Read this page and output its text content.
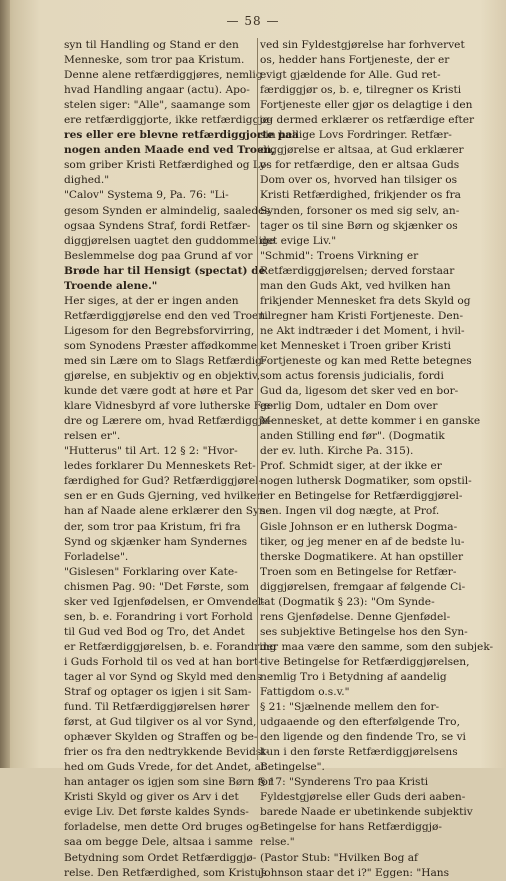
— 58 —
syn til Handling og Stand er den
Menneske, som tror paa Kristum.
Denne alene retfærdiggjøres, nemlig
hvad Handling angaar (actu). Apo-
stelen siger: "Alle", saamange som
ere retfærdiggjorte, ikke retfærdiggjø-
res eller ere blevne retfærdiggjorte paa
nogen anden Maade end ved Troen,
som griber Kristi Retfærdighed og Ly-
dighed."
"Calov" Systema 9, Pa. 76: "Li-
gesom Synden er almindelig, saaledes
ogsaa Syndens Straf, fordi Retfær-
diggjørelsen uagtet den guddommelige
Beslemmelse dog paa Grund af vor
Brøde har til Hensigt (spectat) de
Troende alene."
Her siges, at der er ingen anden
Retfærdiggjørelse end den ved Troen.
Ligesom for den Begrebsforvirring,
som Synodens Præster affødkomme
med sin Lære om to Slags Retfærdig-
gjørelse, en subjektiv og en objektiv,
kunde det være godt at høre et Par
klare Vidnesbyrd af vore lutherske Fæ-
dre og Lærere om, hvad Retfærdiggjø-
relsen er".
"Hutterus" til Art. 12 § 2: "Hvor-
ledes forklarer Du Menneskets Ret-
færdighed for Gud? Retfærdiggjørel-
sen er en Guds Gjerning, ved hvilken
han af Naade alene erklærer den Syn-
der, som tror paa Kristum, fri fra
Synd og skjænker ham Syndernes
Forladelse".
"Gislesen" Forklaring over Kate-
chismen Pag. 90: "Det Første, som
sker ved Igjenfødelsen, er Omvendel-
sen, b. e. Forandring i vort Forhold
til Gud ved Bod og Tro, det Andet
er Retfærdiggjørelsen, b. e. Forandring
i Guds Forhold til os ved at han bort-
tager al vor Synd og Skyld med dens
Straf og optager os igjen i sit Sam-
fund. Til Retfærdiggjørelsen hører
først, at Gud tilgiver os al vor Synd,
ophæver Skylden og Straffen og be-
frier os fra den nedtrykkende Bevidst-
hed om Guds Vrede, for det Andet, at
han antager os igjen som sine Børn for
Kristi Skyld og giver os Arv i det
evige Liv. Det første kaldes Synds-
forladelse, men dette Ord bruges og-
saa om begge Dele, altsaa i samme
Betydning som Ordet Retfærdiggjø-
relse. Den Retfærdighed, som Kristus
ved sin Fyldestgjørelse har forhvervet
os, hedder hans Fortjeneste, der er
evigt gjældende for Alle. Gud ret-
færdiggjør os, b. e, tilregner os Kristi
Fortjeneste eller gjør os delagtige i den
og dermed erklærer os retfærdige efter
sin hellige Lovs Fordringer. Retfær-
diggjørelse er altsaa, at Gud erklærer
os for retfærdige, den er altsaa Guds
Dom over os, hvorved han tilsiger os
Kristi Retfærdighed, frikjender os fra
Synden, forsoner os med sig selv, an-
tager os til sine Børn og skjænker os
det evige Liv."
"Schmid": Troens Virkning er
Retfærdiggjørelsen; derved forstaar
man den Guds Akt, ved hvilken han
frikjender Mennesket fra dets Skyld og
tilregner ham Kristi Fortjeneste. Den-
ne Akt indtræder i det Moment, i hvil-
ket Mennesket i Troen griber Kristi
Fortjeneste og kan med Rette betegnes
som actus forensis judicialis, fordi
Gud da, ligesom det sker ved en bor-
gerlig Dom, udtaler en Dom over
Mennesket, at dette kommer i en ganske
anden Stilling end før". (Dogmatik
der ev. luth. Kirche Pa. 315).
Prof. Schmidt siger, at der ikke er
nogen luthersk Dogmatiker, som opstil-
ler en Betingelse for Retfærdiggjørel-
sen. Ingen vil dog nægte, at Prof.
Gisle Johnson er en luthersk Dogma-
tiker, og jeg mener en af de bedste lu-
therske Dogmatikere. At han opstiller
Troen som en Betingelse for Retfær-
diggjørelsen, fremgaar af følgende Ci-
tat (Dogmatik § 23): "Om Synde-
rens Gjenfødelse. Denne Gjenfødel-
ses subjektive Betingelse hos den Syn-
der maa være den samme, som den subjek-
tive Betingelse for Retfærdiggjørelsen,
nemlig Tro i Betydning af aandelig
Fattigdom o.s.v."
§ 21: "Sjælnende mellem den for-
udgaaende og den efterfølgende Tro,
den ligende og den findende Tro, se vi
kun i den første Retfærdiggjørelsens
Betingelse".
§ 17: "Synderens Tro paa Kristi
Fyldestgjørelse eller Guds deri aaben-
barede Naade er ubetinkende subjektiv
Betingelse for hans Retfærdiggjø-
relse."
(Pastor Stub: "Hvilken Bog af
Johnson staar det i?" Eggen: "Hans
